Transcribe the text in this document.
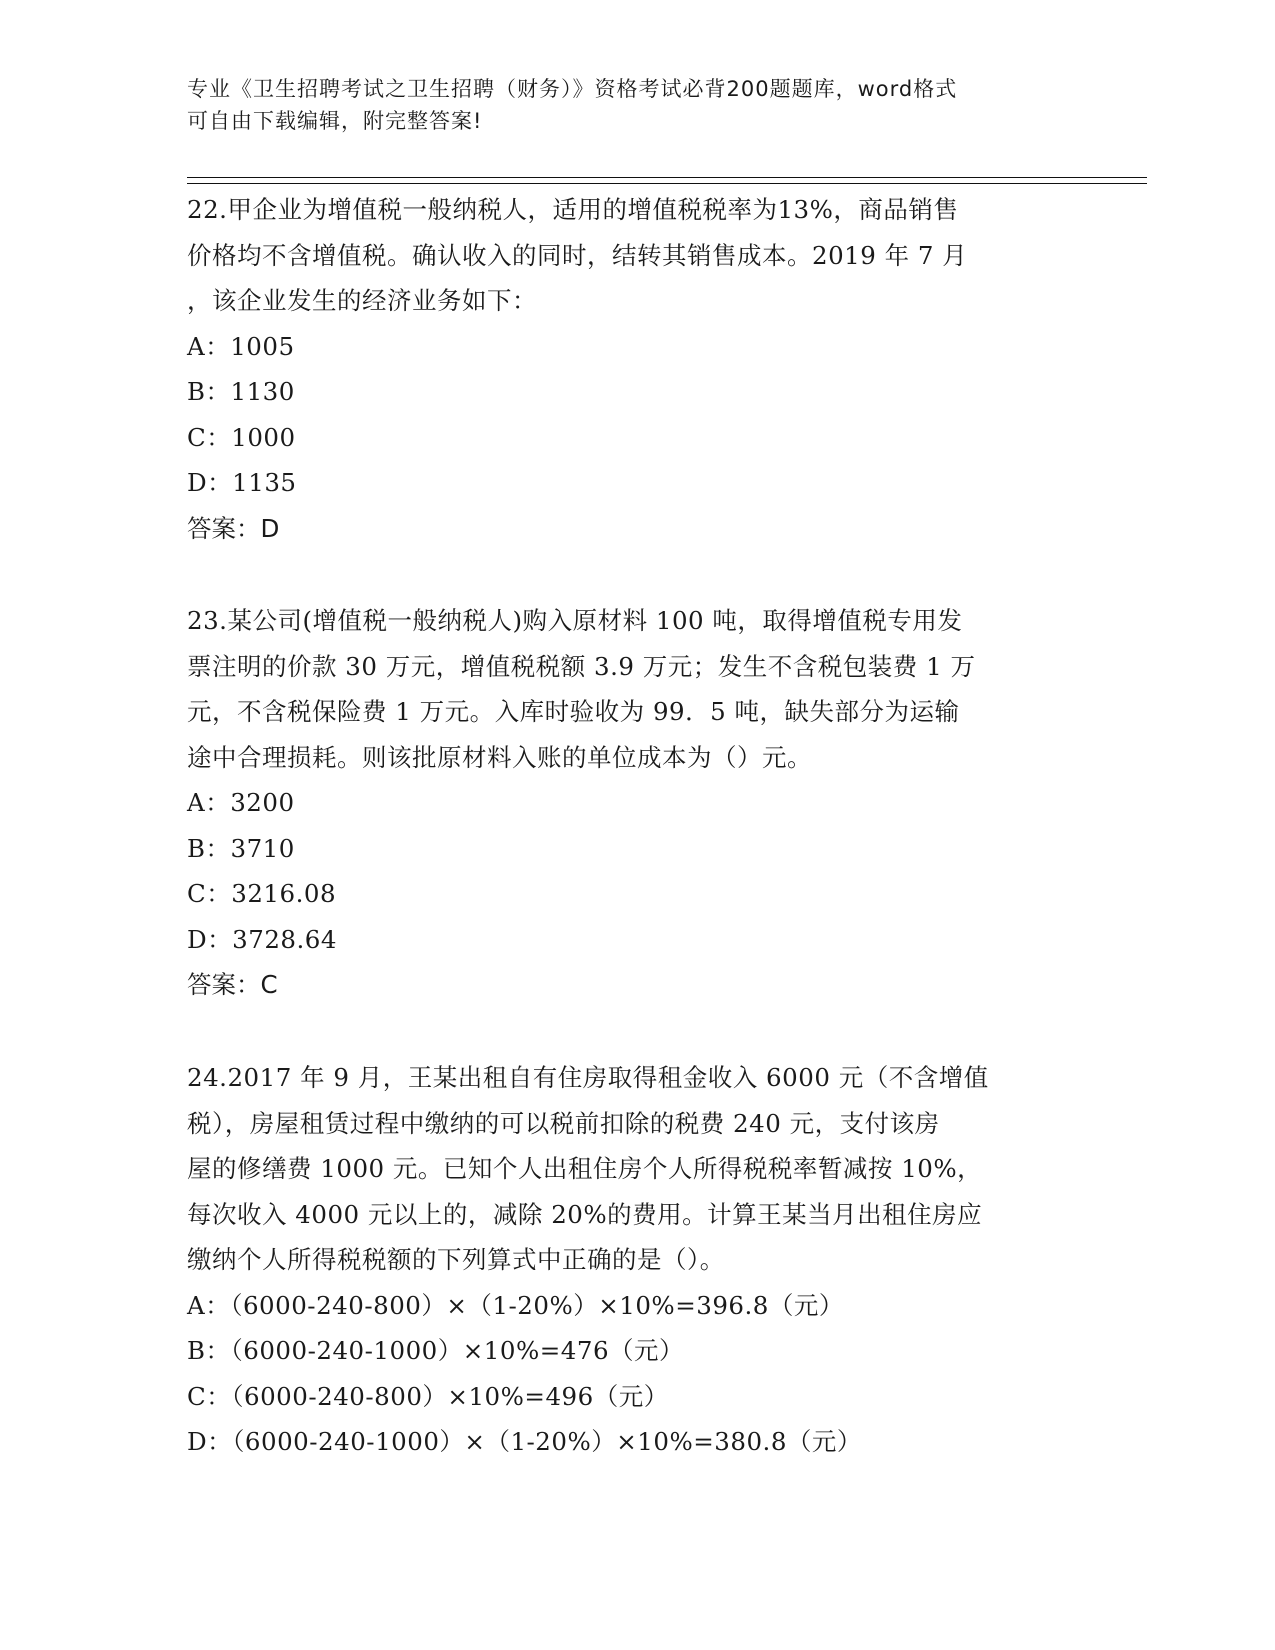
专业《卫生招聘考试之卫生招聘（财务）》资格考试必背200题题库，word格式
可自由下载编辑，附完整答案!
22.甲企业为增值税一般纳税人，适用的增值税税率为13%，商品销售
价格均不含增值税。确认收入的同时，结转其销售成本。2019 年 7 月
，该企业发生的经济业务如下：
A：1005
B：1130
C：1000
D：1135
答案：D
23.某公司(增值税一般纳税人)购入原材料 100 吨，取得增值税专用发
票注明的价款 30 万元，增值税税额 3.9 万元；发生不含税包装费 1 万
元，不含税保险费 1 万元。入库时验收为 99．5 吨，缺失部分为运输
途中合理损耗。则该批原材料入账的单位成本为（）元。
A：3200
B：3710
C：3216.08
D：3728.64
答案：C
24.2017 年 9 月，王某出租自有住房取得租金收入 6000 元（不含增值
税），房屋租赁过程中缴纳的可以税前扣除的税费 240 元，支付该房
屋的修缮费 1000 元。已知个人出租住房个人所得税税率暂减按 10%，
每次收入 4000 元以上的，减除 20%的费用。计算王某当月出租住房应
缴纳个人所得税税额的下列算式中正确的是（）。
A：（6000-240-800）×（1-20%）×10%=396.8（元）
B：（6000-240-1000）×10%=476（元）
C：（6000-240-800）×10%=496（元）
D：（6000-240-1000）×（1-20%）×10%=380.8（元）
